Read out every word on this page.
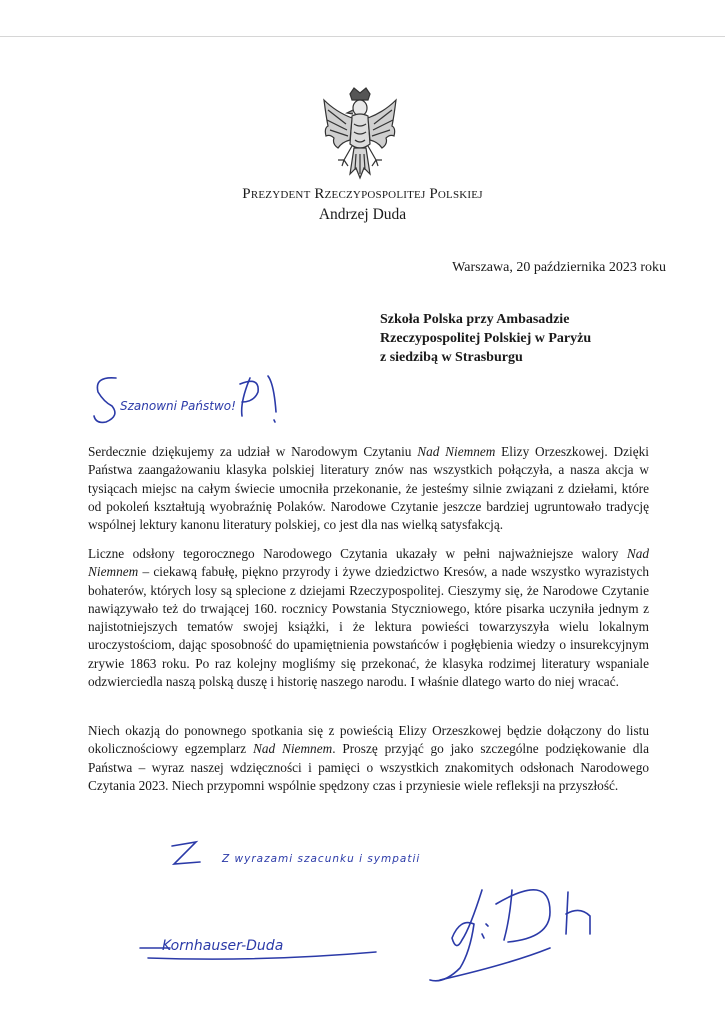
Prezydent Rzeczypospolitej Polskiej
Andrzej Duda
Warszawa, 20 października 2023 roku
Szkoła Polska przy Ambasadzie
Rzeczypospolitej Polskiej w Paryżu
z siedzibą w Strasburgu
Szanowni Państwo!
Serdecznie dziękujemy za udział w Narodowym Czytaniu Nad Niemnem Elizy Orzeszkowej. Dzięki Państwa zaangażowaniu klasyka polskiej literatury znów nas wszystkich połączyła, a nasza akcja w tysiącach miejsc na całym świecie umocniła przekonanie, że jesteśmy silnie związani z dziełami, które od pokoleń kształtują wyobraźnię Polaków. Narodowe Czytanie jeszcze bardziej ugruntowało tradycję wspólnej lektury kanonu literatury polskiej, co jest dla nas wielką satysfakcją.
Liczne odsłony tegorocznego Narodowego Czytania ukazały w pełni najważniejsze walory Nad Niemnem – ciekawą fabułę, piękno przyrody i żywe dziedzictwo Kresów, a nade wszystko wyrazistych bohaterów, których losy są splecione z dziejami Rzeczypospolitej. Cieszymy się, że Narodowe Czytanie nawiązywało też do trwającej 160. rocznicy Powstania Styczniowego, które pisarka uczyniła jednym z najistotniejszych tematów swojej książki, i że lektura powieści towarzyszyła wielu lokalnym uroczystościom, dając sposobność do upamiętnienia powstańców i pogłębienia wiedzy o insurekcyjnym zrywie 1863 roku. Po raz kolejny mogliśmy się przekonać, że klasyka rodzimej literatury wspaniale odzwierciedla naszą polską duszę i historię naszego narodu. I właśnie dlatego warto do niej wracać.
Niech okazją do ponownego spotkania się z powieścią Elizy Orzeszkowej będzie dołączony do listu okolicznościowy egzemplarz Nad Niemnem. Proszę przyjąć go jako szczególne podziękowanie dla Państwa – wyraz naszej wdzięczności i pamięci o wszystkich znakomitych odsłonach Narodowego Czytania 2023. Niech przypomni wspólnie spędzony czas i przyniesie wiele refleksji na przyszłość.
Z wyrazami szacunku i sympatii
Kornhauser-Duda
Andrzej Duda
